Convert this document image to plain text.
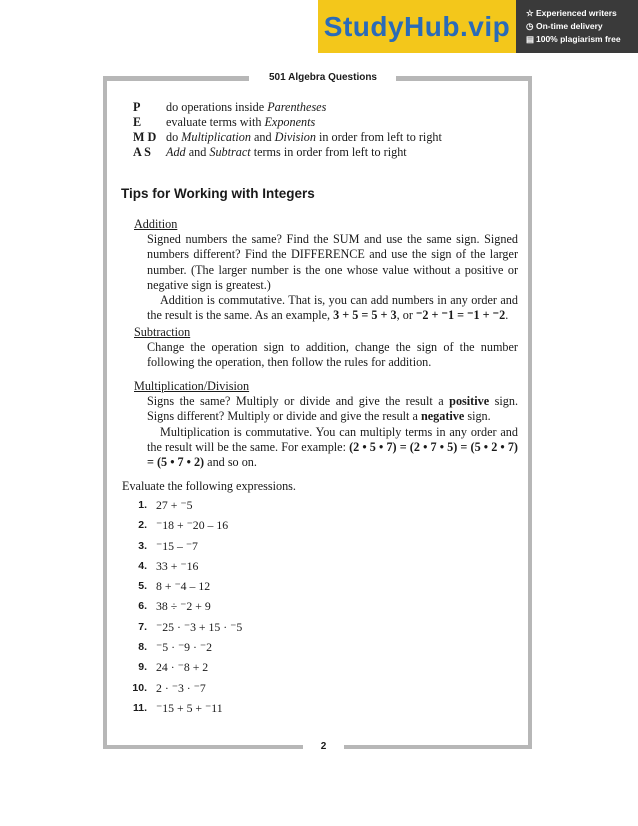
StudyHub.vip	☆ Experienced writers
◷ On-time delivery
▤ 100% plagiarism free
501 Algebra Questions
P	do operations inside Parentheses
E	evaluate terms with Exponents
M D do Multiplication and Division in order from left to right
A S	Add and Subtract terms in order from left to right
Tips for Working with Integers
Addition
Signed numbers the same? Find the SUM and use the same sign. Signed numbers different? Find the DIFFERENCE and use the sign of the larger number. (The larger number is the one whose value without a positive or negative sign is greatest.)
Addition is commutative. That is, you can add numbers in any order and the result is the same. As an example, 3 + 5 = 5 + 3, or ⁻2 + ⁻1 = ⁻1 + ⁻2.
Subtraction
Change the operation sign to addition, change the sign of the number following the operation, then follow the rules for addition.
Multiplication/Division
Signs the same? Multiply or divide and give the result a positive sign. Signs different? Multiply or divide and give the result a negative sign.
Multiplication is commutative. You can multiply terms in any order and the result will be the same. For example: (2 • 5 • 7) = (2 • 7 • 5) = (5 • 2 • 7) = (5 • 7 • 2) and so on.
Evaluate the following expressions.
1. 27 + ⁻5
2. ⁻18 + ⁻20 – 16
3. ⁻15 – ⁻7
4. 33 + ⁻16
5. 8 + ⁻4 – 12
6. 38 ÷ ⁻2 + 9
7. ⁻25 · ⁻3 + 15 · ⁻5
8. ⁻5 · ⁻9 · ⁻2
9. 24 · ⁻8 + 2
10. 2 · ⁻3 · ⁻7
11. ⁻15 + 5 + ⁻11
2
